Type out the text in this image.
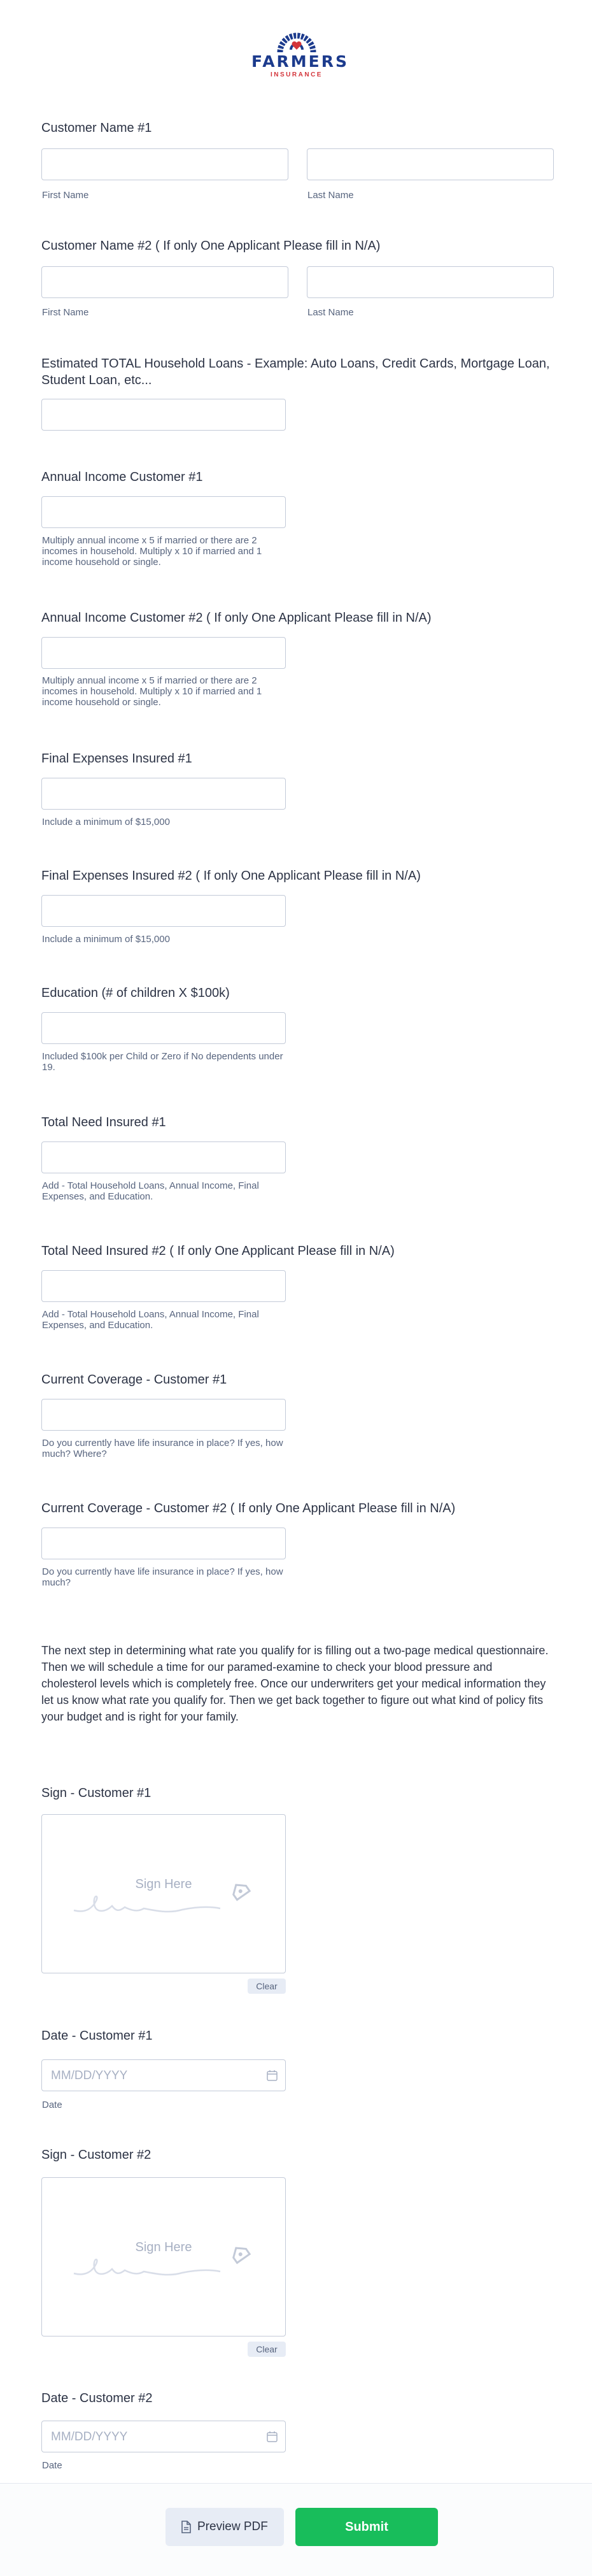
FARMERS
INSURANCE
Customer Name #1
First Name	Last Name
Customer Name #2 ( If only One Applicant Please fill in N/A)
First Name	Last Name
Estimated TOTAL Household Loans - Example: Auto Loans, Credit Cards, Mortgage Loan, Student Loan, etc...
Annual Income Customer #1
Multiply annual income x 5 if married or there are 2 incomes in household. Multiply x 10 if married and 1 income household or single.
Annual Income Customer #2 ( If only One Applicant Please fill in N/A)
Multiply annual income x 5 if married or there are 2 incomes in household. Multiply x 10 if married and 1 income household or single.
Final Expenses Insured #1
Include a minimum of $15,000
Final Expenses Insured #2 ( If only One Applicant Please fill in N/A)
Include a minimum of $15,000
Education (# of children X $100k)
Included $100k per Child or Zero if No dependents under 19.
Total Need Insured #1
Add - Total Household Loans, Annual Income, Final Expenses, and Education.
Total Need Insured #2 ( If only One Applicant Please fill in N/A)
Add - Total Household Loans, Annual Income, Final Expenses, and Education.
Current Coverage - Customer #1
Do you currently have life insurance in place? If yes, how much? Where?
Current Coverage - Customer #2 ( If only One Applicant Please fill in N/A)
Do you currently have life insurance in place? If yes, how much?
The next step in determining what rate you qualify for is filling out a two-page medical questionnaire. Then we will schedule a time for our paramed-examine to check your blood pressure and cholesterol levels which is completely free. Once our underwriters get your medical information they let us know what rate you qualify for. Then we get back together to figure out what kind of policy fits your budget and is right for your family.
Sign - Customer #1
Sign Here
Clear
Date - Customer #1
MM/DD/YYYY
Date
Sign - Customer #2
Sign Here
Clear
Date - Customer #2
MM/DD/YYYY
Date
Preview PDF	Submit
